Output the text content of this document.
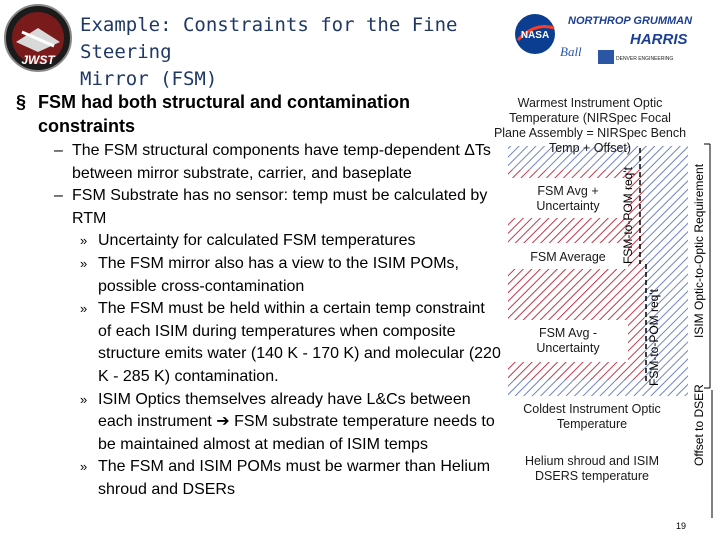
JWST
Example: Constraints for the Fine Steering
Mirror (FSM)
NASA
NORTHROP GRUMMAN
HARRIS
Ball	DENVER ENGINEERING
§ FSM had both structural and contamination constraints
– The FSM structural components have temp-dependent ΔTs between mirror substrate, carrier, and baseplate
– FSM Substrate has no sensor: temp must be calculated by RTM
» Uncertainty for calculated FSM temperatures
» The FSM mirror also has a view to the ISIM POMs, possible cross-contamination
» The FSM must be held within a certain temp constraint of each ISIM during temperatures when composite structure emits water (140 K - 170 K) and molecular (220 K - 285 K) contamination.
» ISIM Optics themselves already have L&Cs between each instrument ➔ FSM substrate temperature needs to be maintained almost at median of ISIM temps
» The FSM and ISIM POMs must be warmer than Helium shroud and DSERs
Warmest Instrument Optic Temperature (NIRSpec Focal Plane Assembly = NIRSpec Bench Temp + Offset)
FSM Avg + Uncertainty
FSM Average
FSM Avg - Uncertainty
Coldest Instrument Optic Temperature
Helium shroud and ISIM DSERS temperature
FSM-to-POM req't
FSM-to-POM req't	ISIM Optic-to-Optic Requirement
Offset to DSER
19
